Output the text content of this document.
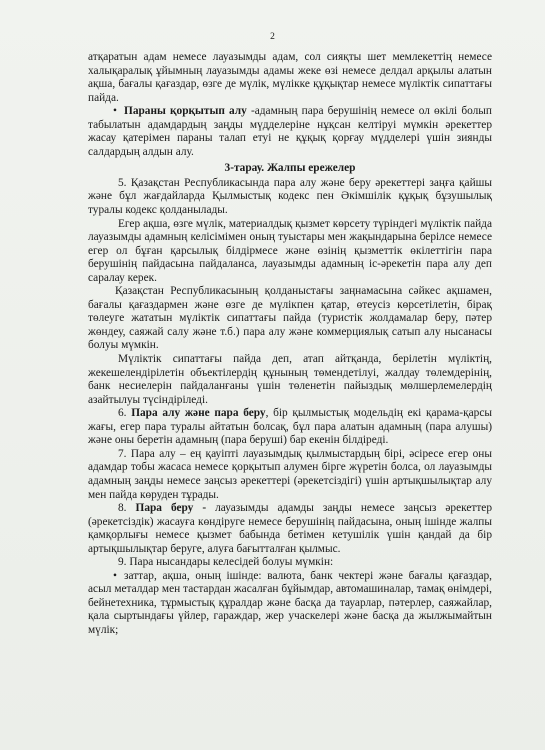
2

атқаратын адам немесе лауазымды адам, сол сияқты шет мемлекеттің немесе халықаралық ұйымның лауазымды адамы жеке өзі немесе делдал арқылы алатын ақша, бағалы қағаздар, өзге де мүлік, мүлікке құқықтар немесе мүліктік сипаттағы пайда.

• Параны қорқытып алу -адамның пара берушінің немесе ол өкілі болып табылатын адамдардың заңды мүдделеріне нұқсан келтіруі мүмкін әрекеттер жасау қатерімен параны талап етуі не құқық қорғау мүдделері үшін зиянды салдардың алдын алу.

3-тарау. Жалпы ережелер

5. Қазақстан Республикасында пара алу және беру әрекеттері заңға қайшы және бұл жағдайларда Қылмыстық кодекс пен Әкімшілік құқық бұзушылық туралы кодекс қолданылады.

Егер ақша, өзге мүлік, материалдық қызмет көрсету түріндегі мүліктік пайда лауазымды адамның келісімімен оның туыстары мен жақындарына берілсе немесе егер ол бұған қарсылық білдірмесе және өзінің қызметтік өкілеттігін пара берушінің пайдасына пайдаланса, лауазымды адамның іс-әрекетін пара алу деп саралау керек.

Қазақстан Республикасының қолданыстағы заңнамасына сәйкес ақшамен, бағалы қағаздармен және өзге де мүлікпен қатар, өтеусіз көрсетілетін, бірақ төлеуге жататын мүліктік сипаттағы пайда (туристік жолдамалар беру, пәтер жөндеу, саяжай салу және т.б.) пара алу және коммерциялық сатып алу нысанасы болуы мүмкін.

Мүліктік сипаттағы пайда деп, атап айтқанда, берілетін мүліктің, жекешелендірілетін объектілердің құнының төмендетілуі, жалдау төлемдерінің, банк несиелерін пайдаланғаны үшін төленетін пайыздық мөлшерлемелердің азайтылуы түсіндіріледі.

6. Пара алу және пара беру, бір қылмыстық модельдің екі қарама-қарсы жағы, егер пара туралы айтатын болсақ, бұл пара алатын адамның (пара алушы) және оны беретін адамның (пара беруші) бар екенін білдіреді.

7. Пара алу – ең қауіпті лауазымдық қылмыстардың бірі, әсіресе егер оны адамдар тобы жасаса немесе қорқытып алумен бірге жүретін болса, ол лауазымды адамның заңды немесе заңсыз әрекеттері (әрекетсіздігі) үшін артықшылықтар алу мен пайда көруден тұрады.

8. Пара беру - лауазымды адамды заңды немесе заңсыз әрекеттер (әрекетсіздік) жасауға көндіруге немесе берушінің пайдасына, оның ішінде жалпы қамқорлығы немесе қызмет бабында бетімен кетушілік үшін қандай да бір артықшылықтар беруге, алуға бағытталған қылмыс.

9. Пара нысандары келесідей болуы мүмкін:

• заттар, ақша, оның ішінде: валюта, банк чектері және бағалы қағаздар, асыл металдар мен тастардан жасалған бұйымдар, автомашиналар, тамақ өнімдері, бейнетехника, тұрмыстық құралдар және басқа да тауарлар, пәтерлер, саяжайлар, қала сыртындағы үйлер, гараждар, жер учаскелері және басқа да жылжымайтын мүлік;
